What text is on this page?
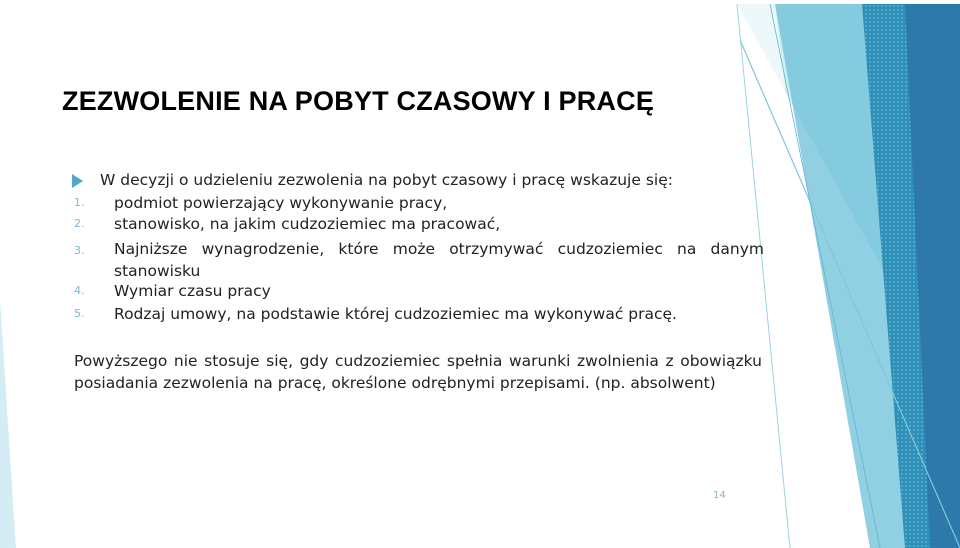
ZEZWOLENIE NA POBYT CZASOWY I PRACĘ
W decyzji o udzieleniu zezwolenia na pobyt czasowy i pracę wskazuje się:
1. podmiot powierzający wykonywanie pracy,
2. stanowisko, na jakim cudzoziemiec ma pracować,
3. Najniższe wynagrodzenie, które może otrzymywać cudzoziemiec na danym stanowisku
4. Wymiar czasu pracy
5. Rodzaj umowy, na podstawie której cudzoziemiec ma wykonywać pracę.
Powyższego nie stosuje się, gdy cudzoziemiec spełnia warunki zwolnienia z obowiązku posiadania zezwolenia na pracę, określone odrębnymi przepisami. (np. absolwent)
14
